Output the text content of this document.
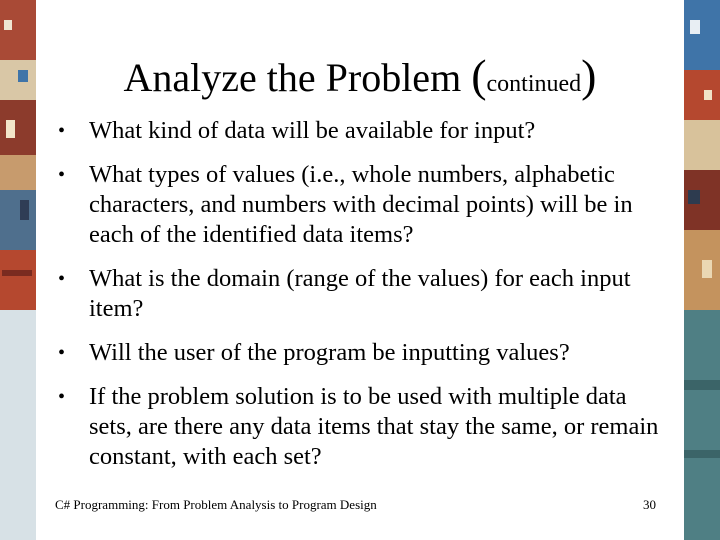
Analyze the Problem (continued)
• What kind of data will be available for input?
• What types of values (i.e., whole numbers, alphabetic characters, and numbers with decimal points) will be in each of the identified data items?
• What is the domain (range of the values) for each input item?
• Will the user of the program be inputting values?
• If the problem solution is to be used with multiple data sets, are there any data items that stay the same, or remain constant, with each set?
C# Programming: From Problem Analysis to Program Design	30
